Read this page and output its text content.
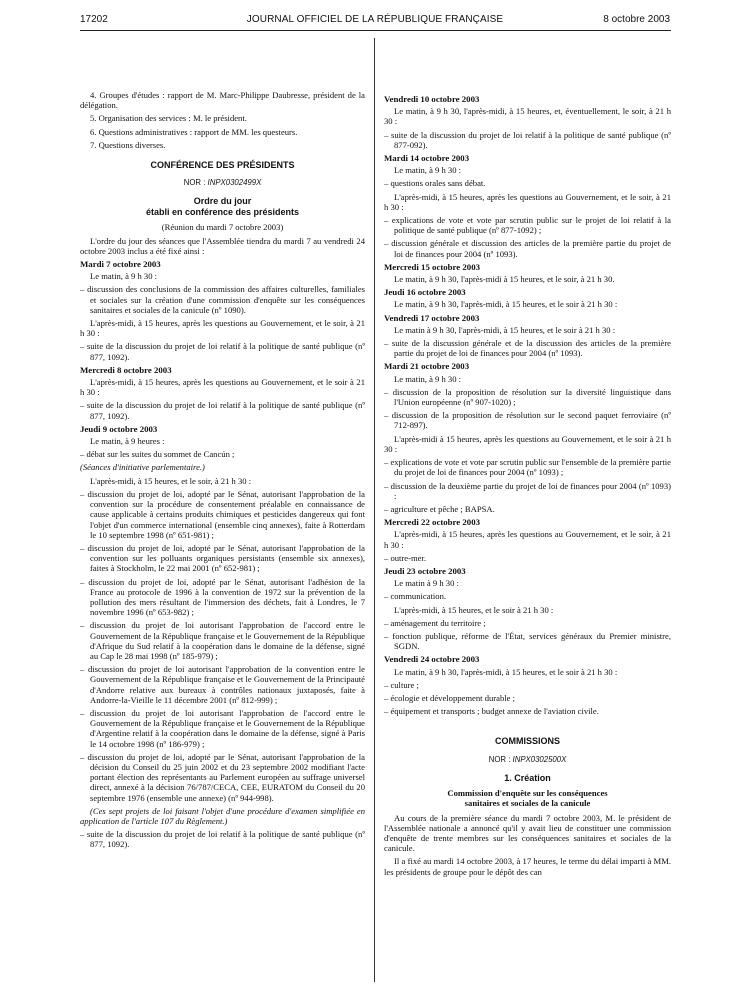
17202	JOURNAL OFFICIEL DE LA RÉPUBLIQUE FRANÇAISE	8 octobre 2003

4. Groupes d'études : rapport de M. Marc-Philippe Daubresse, président de la délégation.

5. Organisation des services : M. le président.

6. Questions administratives : rapport de MM. les questeurs.

7. Questions diverses.

CONFÉRENCE DES PRÉSIDENTS
NOR : INPX0302499X
Ordre du jour
établi en conférence des présidents

(Réunion du mardi 7 octobre 2003)

L'ordre du jour des séances que l'Assemblée tiendra du mardi 7 au vendredi 24 octobre 2003 inclus a été fixé ainsi :

Mardi 7 octobre 2003

Le matin, à 9 h 30 :

– discussion des conclusions de la commission des affaires culturelles, familiales et sociales sur la création d'une commission d'enquête sur les conséquences sanitaires et sociales de la canicule (nº 1090).

L'après-midi, à 15 heures, après les questions au Gouvernement, et le soir, à 21 h 30 :

– suite de la discussion du projet de loi relatif à la politique de santé publique (nº 877, 1092).

Mercredi 8 octobre 2003

L'après-midi, à 15 heures, après les questions au Gouvernement, et le soir à 21 h 30 :

– suite de la discussion du projet de loi relatif à la politique de santé publique (nº 877, 1092).

Jeudi 9 octobre 2003

Le matin, à 9 heures :

– débat sur les suites du sommet de Cancún ;

(Séances d'initiative parlementaire.)

L'après-midi, à 15 heures, et le soir, à 21 h 30 :

– discussion du projet de loi, adopté par le Sénat, autorisant l'approbation de la convention sur la procédure de consentement préalable en connaissance de cause applicable à certains produits chimiques et pesticides dangereux qui font l'objet d'un commerce international (ensemble cinq annexes), faite à Rotterdam le 10 septembre 1998 (nº 651-981) ;

– discussion du projet de loi, adopté par le Sénat, autorisant l'approbation de la convention sur les polluants organiques persistants (ensemble six annexes), faites à Stockholm, le 22 mai 2001 (nº 652-981) ;

– discussion du projet de loi, adopté par le Sénat, autorisant l'adhésion de la France au protocole de 1996 à la convention de 1972 sur la prévention de la pollution des mers résultant de l'immersion des déchets, fait à Londres, le 7 novembre 1996 (nº 653-982) ;

– discussion du projet de loi autorisant l'approbation de l'accord entre le Gouvernement de la République française et le Gouvernement de la République d'Afrique du Sud relatif à la coopération dans le domaine de la défense, signé au Cap le 28 mai 1998 (nº 185-979) ;

– discussion du projet de loi autorisant l'approbation de la convention entre le Gouvernement de la République française et le Gouvernement de la Principauté d'Andorre relative aux bureaux à contrôles nationaux juxtaposés, faite à Andorre-la-Vieille le 11 décembre 2001 (nº 812-999) ;

– discussion du projet de loi autorisant l'approbation de l'accord entre le Gouvernement de la République française et le Gouvernement de la République d'Argentine relatif à la coopération dans le domaine de la défense, signé à Paris le 14 octobre 1998 (nº 186-979) ;

– discussion du projet de loi, adopté par le Sénat, autorisant l'approbation de la décision du Conseil du 25 juin 2002 et du 23 septembre 2002 modifiant l'acte portant élection des représentants au Parlement européen au suffrage universel direct, annexé à la décision 76/787/CECA, CEE, EURATOM du Conseil du 20 septembre 1976 (ensemble une annexe) (nº 944-998).

(Ces sept projets de loi faisant l'objet d'une procédure d'examen simplifiée en application de l'article 107 du Règlement.)

– suite de la discussion du projet de loi relatif à la politique de santé publique (nº 877, 1092).

Vendredi 10 octobre 2003

Le matin, à 9 h 30, l'après-midi, à 15 heures, et, éventuellement, le soir, à 21 h 30 :

– suite de la discussion du projet de loi relatif à la politique de santé publique (nº 877-092).

Mardi 14 octobre 2003

Le matin, à 9 h 30 :

– questions orales sans débat.

L'après-midi, à 15 heures, après les questions au Gouvernement, et le soir, à 21 h 30 :

– explications de vote et vote par scrutin public sur le projet de loi relatif à la politique de santé publique (nº 877-1092) ;

– discussion générale et discussion des articles de la première partie du projet de loi de finances pour 2004 (nº 1093).

Mercredi 15 octobre 2003

Le matin, à 9 h 30, l'après-midi à 15 heures, et le soir, à 21 h 30.

Jeudi 16 octobre 2003

Le matin, à 9 h 30, l'après-midi, à 15 heures, et le soir à 21 h 30 :

Vendredi 17 octobre 2003

Le matin à 9 h 30, l'après-midi, à 15 heures, et le soir à 21 h 30 :

– suite de la discussion générale et de la discussion des articles de la première partie du projet de loi de finances pour 2004 (nº 1093).

Mardi 21 octobre 2003

Le matin, à 9 h 30 :

– discussion de la proposition de résolution sur la diversité linguistique dans l'Union européenne (nº 907-1020) ;

– discussion de la proposition de résolution sur le second paquet ferroviaire (nº 712-897).

L'après-midi à 15 heures, après les questions au Gouvernement, et le soir à 21 h 30 :

– explications de vote et vote par scrutin public sur l'ensemble de la première partie du projet de loi de finances pour 2004 (nº 1093) ;

– discussion de la deuxième partie du projet de loi de finances pour 2004 (nº 1093) :

– agriculture et pêche ; BAPSA.

Mercredi 22 octobre 2003

L'après-midi, à 15 heures, après les questions au Gouvernement, et le soir, à 21 h 30 :

– outre-mer.

Jeudi 23 octobre 2003

Le matin à 9 h 30 :

– communication.

L'après-midi, à 15 heures, et le soir à 21 h 30 :

– aménagement du territoire ;

– fonction publique, réforme de l'État, services généraux du Premier ministre, SGDN.

Vendredi 24 octobre 2003

Le matin, à 9 h 30, l'après-midi, à 15 heures, et le soir à 21 h 30 :

– culture ;

– écologie et développement durable ;

– équipement et transports ; budget annexe de l'aviation civile.

COMMISSIONS
NOR : INPX0302500X
1. Création
Commission d'enquête sur les conséquences
sanitaires et sociales de la canicule

Au cours de la première séance du mardi 7 octobre 2003, M. le président de l'Assemblée nationale a annoncé qu'il y avait lieu de constituer une commission d'enquête de trente membres sur les conséquences sanitaires et sociales de la canicule.

Il a fixé au mardi 14 octobre 2003, à 17 heures, le terme du délai imparti à MM. les présidents de groupe pour le dépôt des can
